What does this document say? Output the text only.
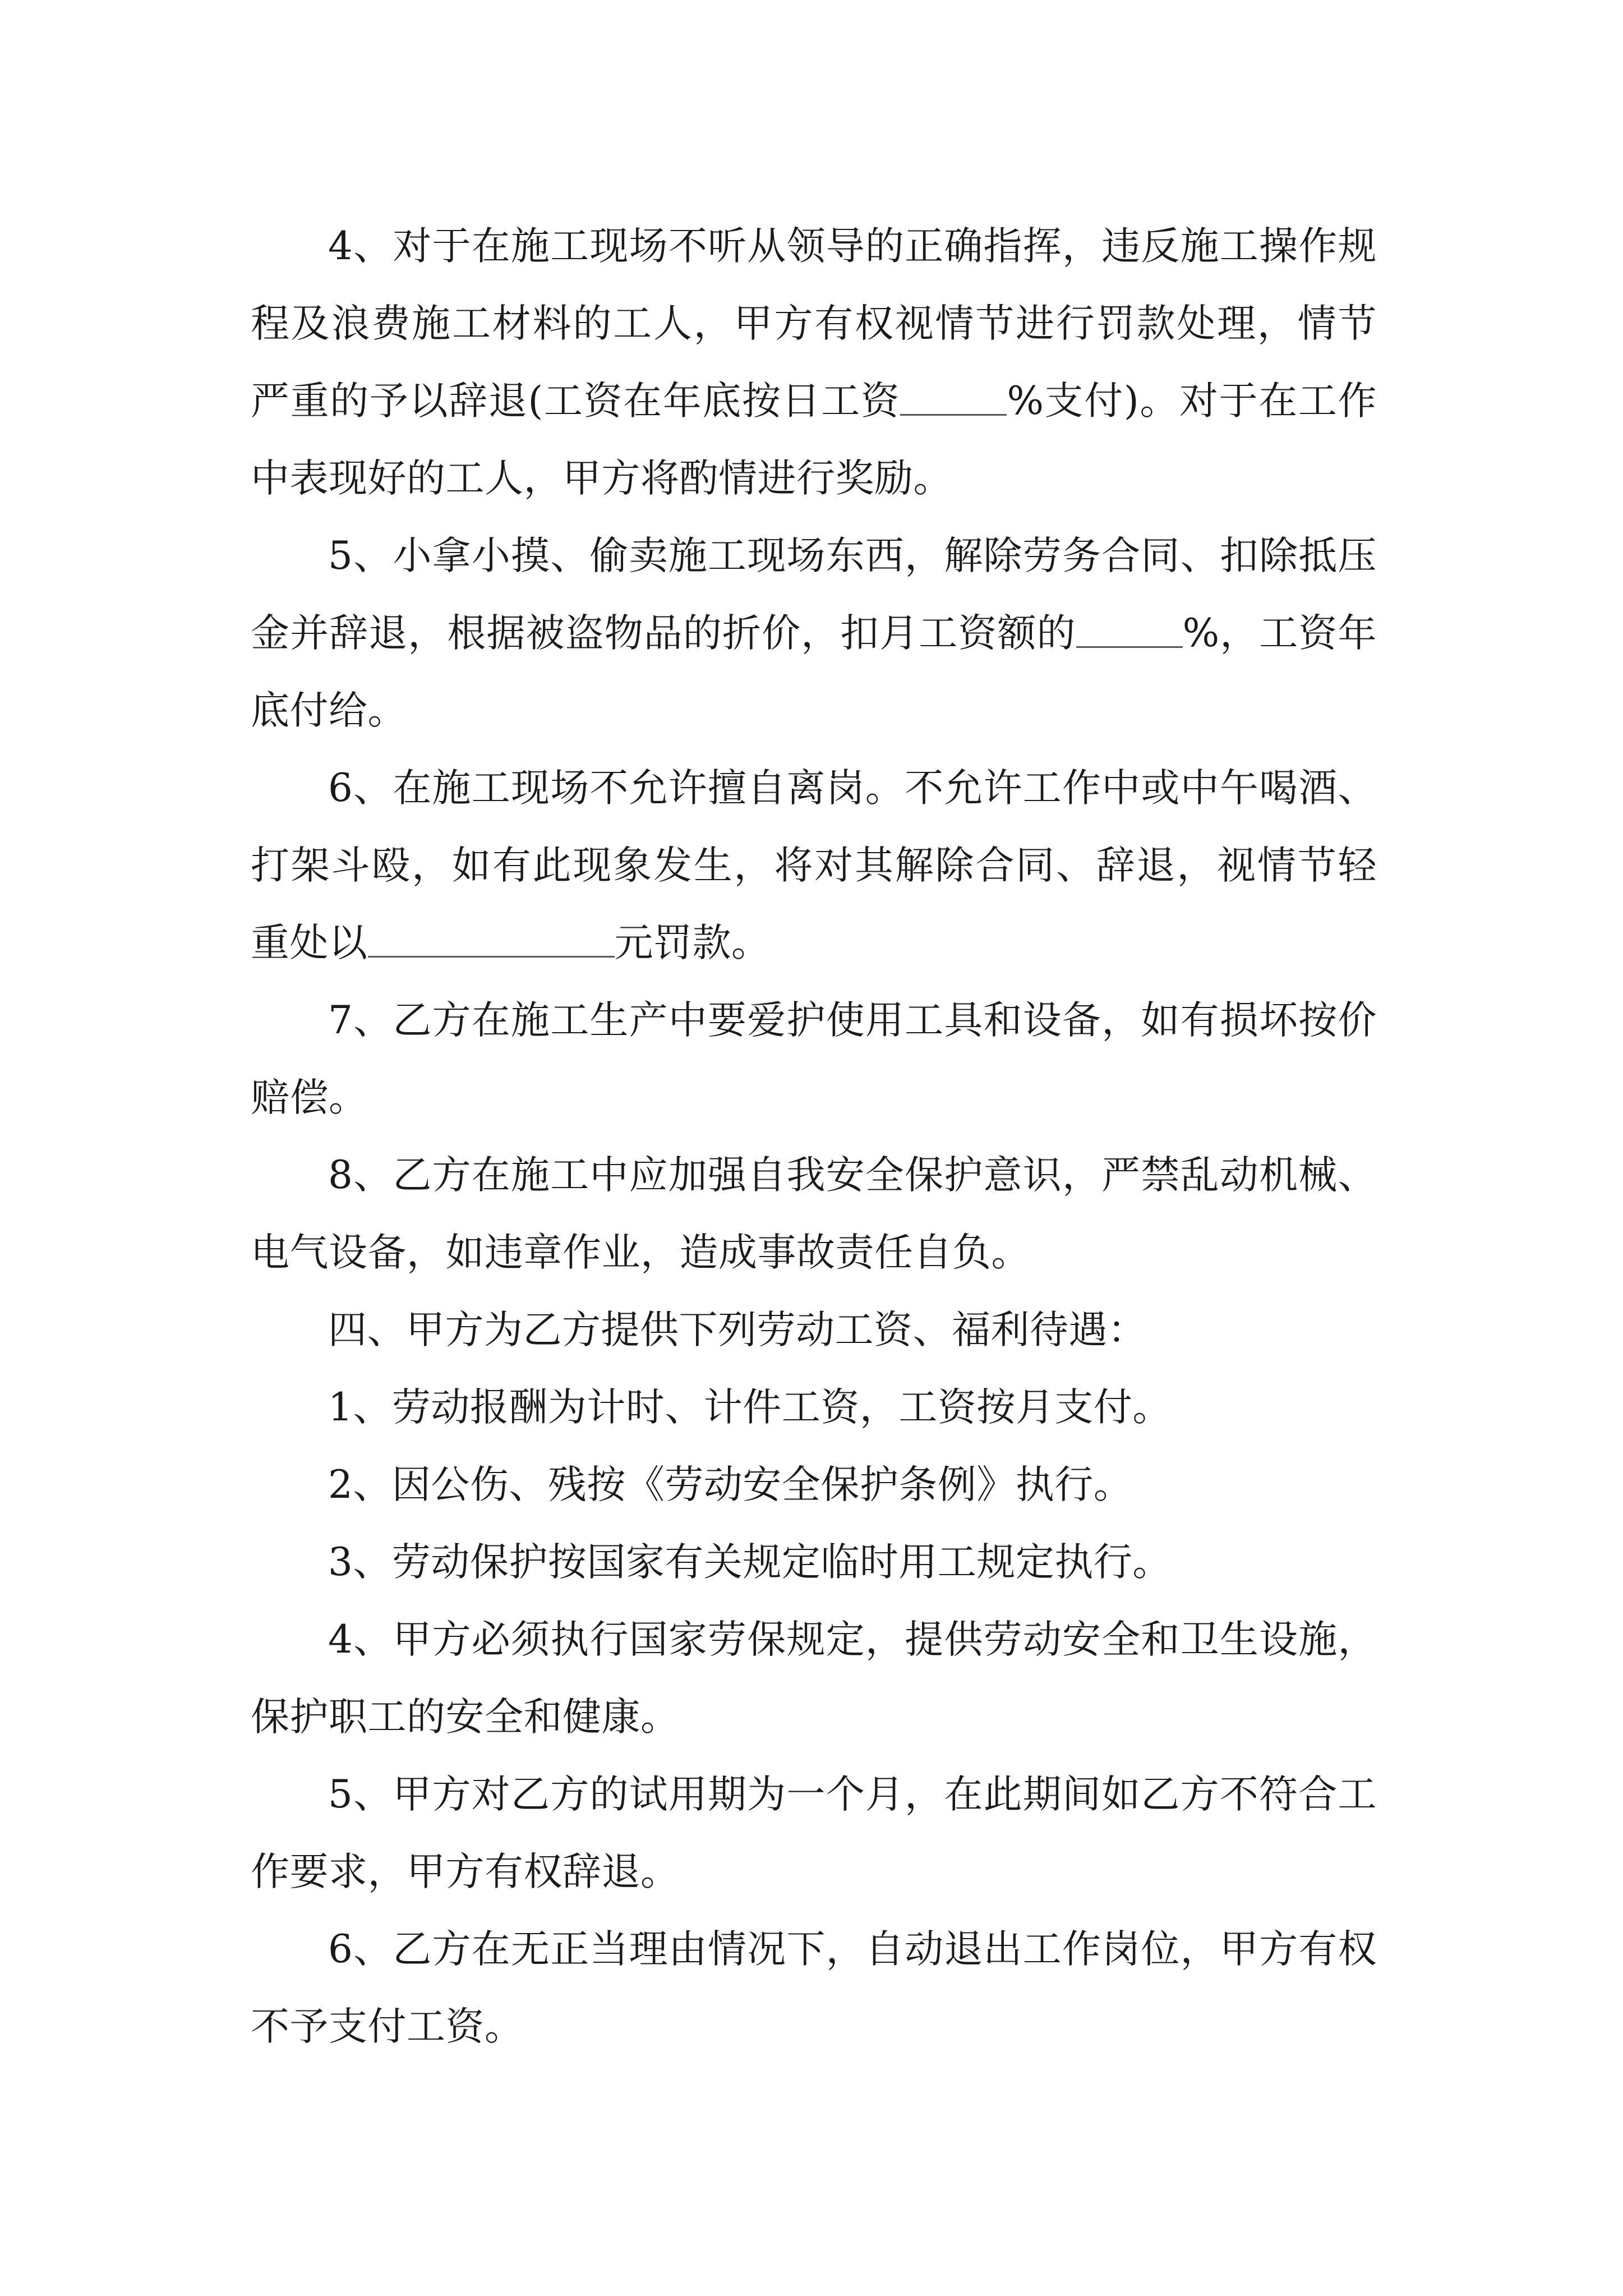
4、对于在施工现场不听从领导的正确指挥，违反施工操作规程及浪费施工材料的工人，甲方有权视情节进行罚款处理，情节严重的予以辞退(工资在年底按日工资	%支付)。对于在工作中表现好的工人，甲方将酌情进行奖励。

5、小拿小摸、偷卖施工现场东西，解除劳务合同、扣除抵压金并辞退，根据被盗物品的折价，扣月工资额的	%，工资年底付给。

6、在施工现场不允许擅自离岗。不允许工作中或中午喝酒、打架斗殴，如有此现象发生，将对其解除合同、辞退，视情节轻重处以	元罚款。

7、乙方在施工生产中要爱护使用工具和设备，如有损坏按价赔偿。

8、乙方在施工中应加强自我安全保护意识，严禁乱动机械、电气设备，如违章作业，造成事故责任自负。

四、甲方为乙方提供下列劳动工资、福利待遇：

1、劳动报酬为计时、计件工资，工资按月支付。

2、因公伤、残按《劳动安全保护条例》执行。

3、劳动保护按国家有关规定临时用工规定执行。

4、甲方必须执行国家劳保规定，提供劳动安全和卫生设施，保护职工的安全和健康。

5、甲方对乙方的试用期为一个月，在此期间如乙方不符合工作要求，甲方有权辞退。

6、乙方在无正当理由情况下，自动退出工作岗位，甲方有权不予支付工资。
